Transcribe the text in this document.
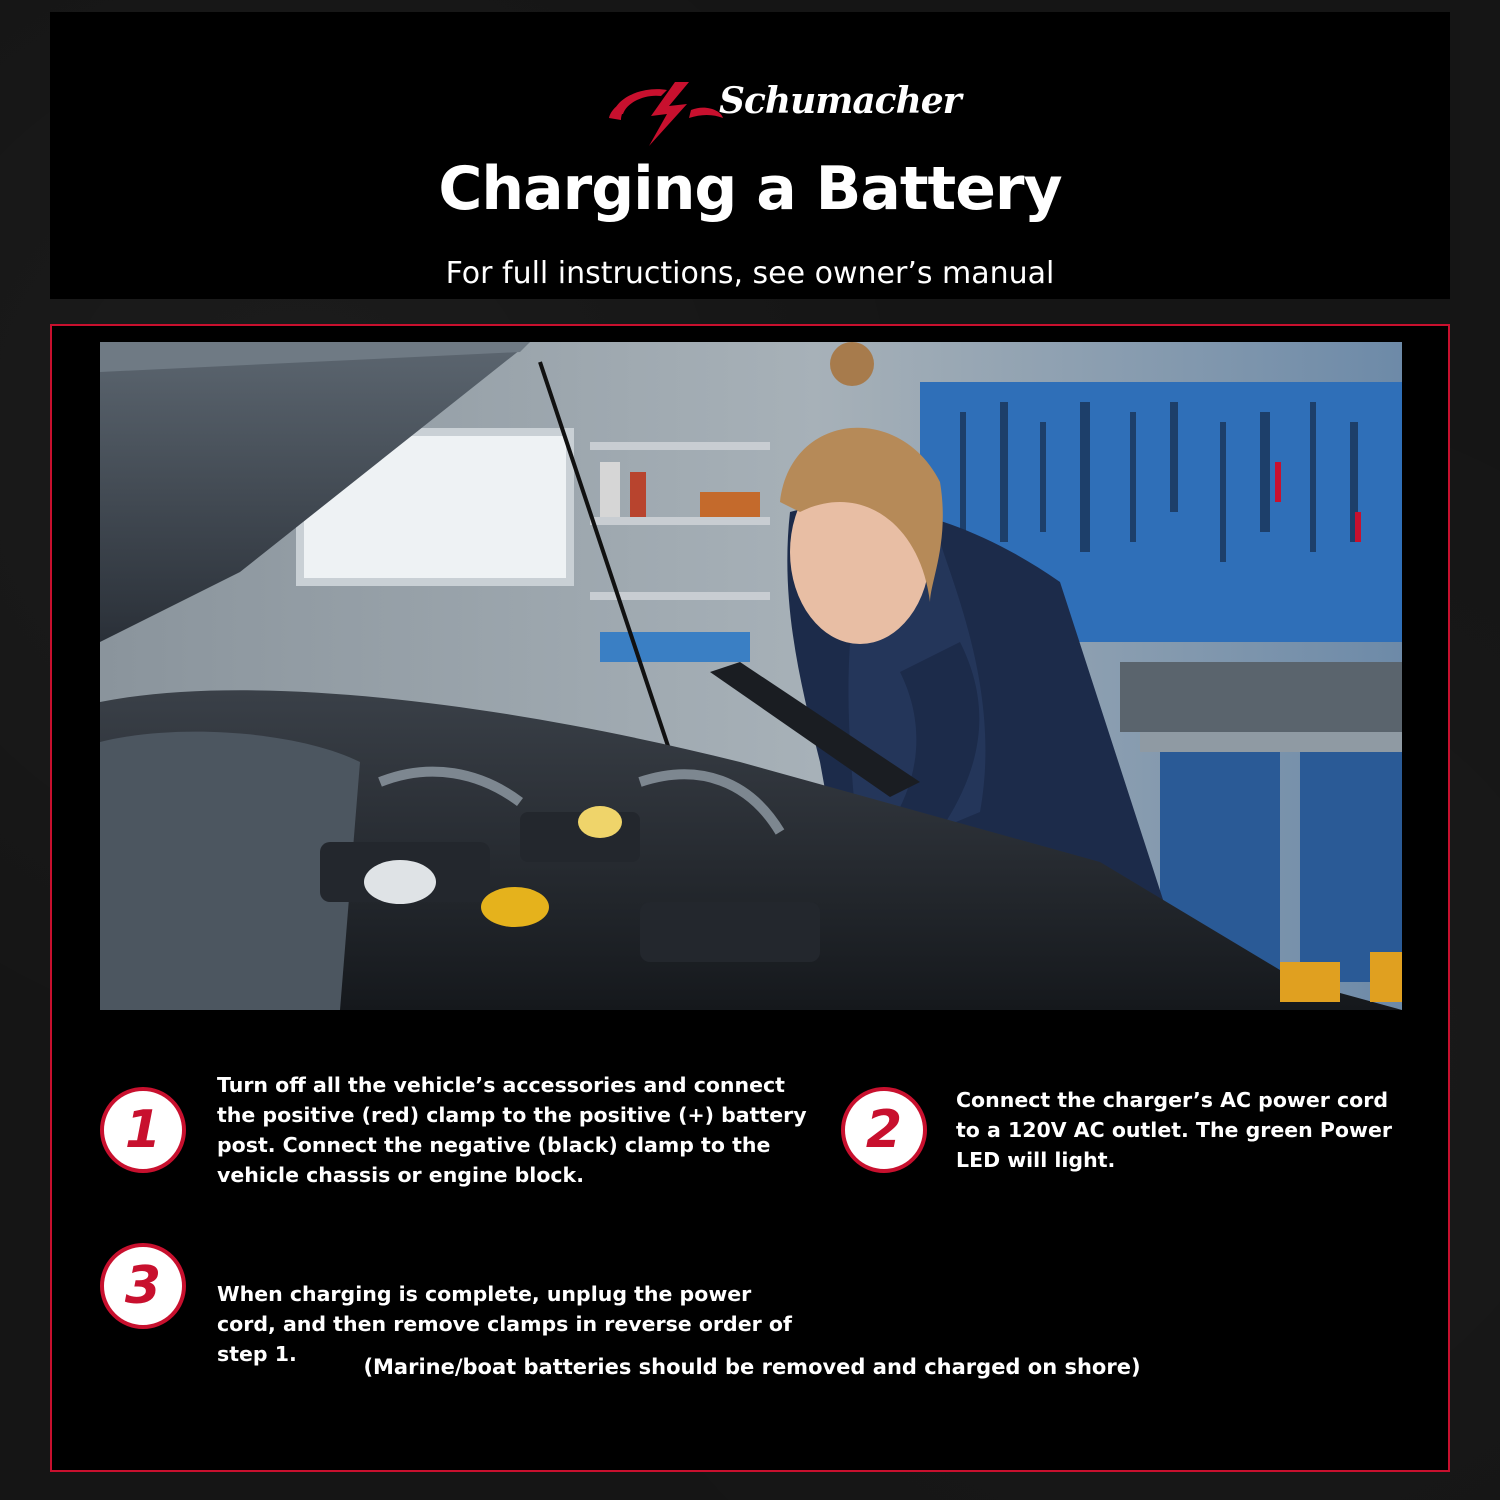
Schumacher
Charging a Battery
For full instructions, see owner’s manual
1
Turn off all the vehicle’s accessories and connect the positive (red) clamp to the positive (+) battery post. Connect the negative (black) clamp to the vehicle chassis or engine block.
2	Connect the charger’s AC power cord to a 120V AC outlet. The green Power LED will light.
3	When charging is complete, unplug the power cord, and then remove clamps in reverse order of step 1.
(Marine/boat batteries should be removed and charged on shore)
